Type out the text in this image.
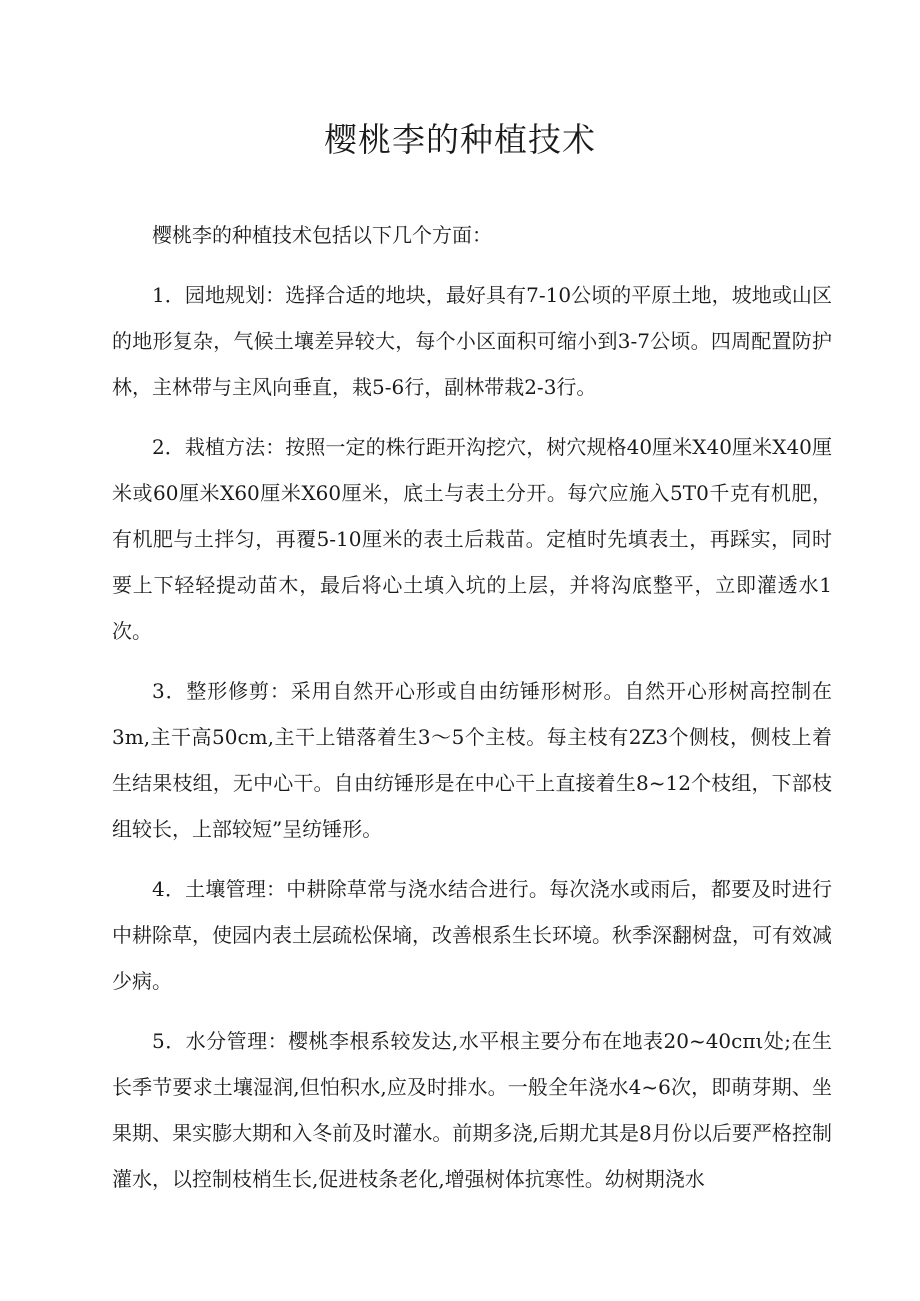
樱桃李的种植技术

樱桃李的种植技术包括以下几个方面：

1．园地规划：选择合适的地块，最好具有7-10公顷的平原土地，坡地或山区的地形复杂，气候土壤差异较大，每个小区面积可缩小到3-7公顷。四周配置防护林，主林带与主风向垂直，栽5-6行，副林带栽2-3行。

2．栽植方法：按照一定的株行距开沟挖穴，树穴规格40厘米X40厘米X40厘米或60厘米X60厘米X60厘米，底土与表土分开。每穴应施入5T0千克有机肥，有机肥与土拌匀，再覆5-10厘米的表土后栽苗。定植时先填表土，再踩实，同时要上下轻轻提动苗木，最后将心土填入坑的上层，并将沟底整平，立即灌透水1次。

3．整形修剪：采用自然开心形或自由纺锤形树形。自然开心形树高控制在3m,主干高50cm,主干上错落着生3〜5个主枝。每主枝有2Z3个侧枝，侧枝上着生结果枝组，无中心干。自由纺锤形是在中心干上直接着生8~12个枝组，下部枝组较长，上部较短”呈纺锤形。

4．土壤管理：中耕除草常与浇水结合进行。每次浇水或雨后，都要及时进行中耕除草，使园内表土层疏松保墒，改善根系生长环境。秋季深翻树盘，可有效减少病。

5．水分管理：樱桃李根系较发达,水平根主要分布在地表20~40cπι处;在生长季节要求土壤湿润,但怕积水,应及时排水。一般全年浇水4~6次，即萌芽期、坐果期、果实膨大期和入冬前及时灌水。前期多浇,后期尤其是8月份以后要严格控制灌水，以控制枝梢生长,促进枝条老化,增强树体抗寒性。幼树期浇水
